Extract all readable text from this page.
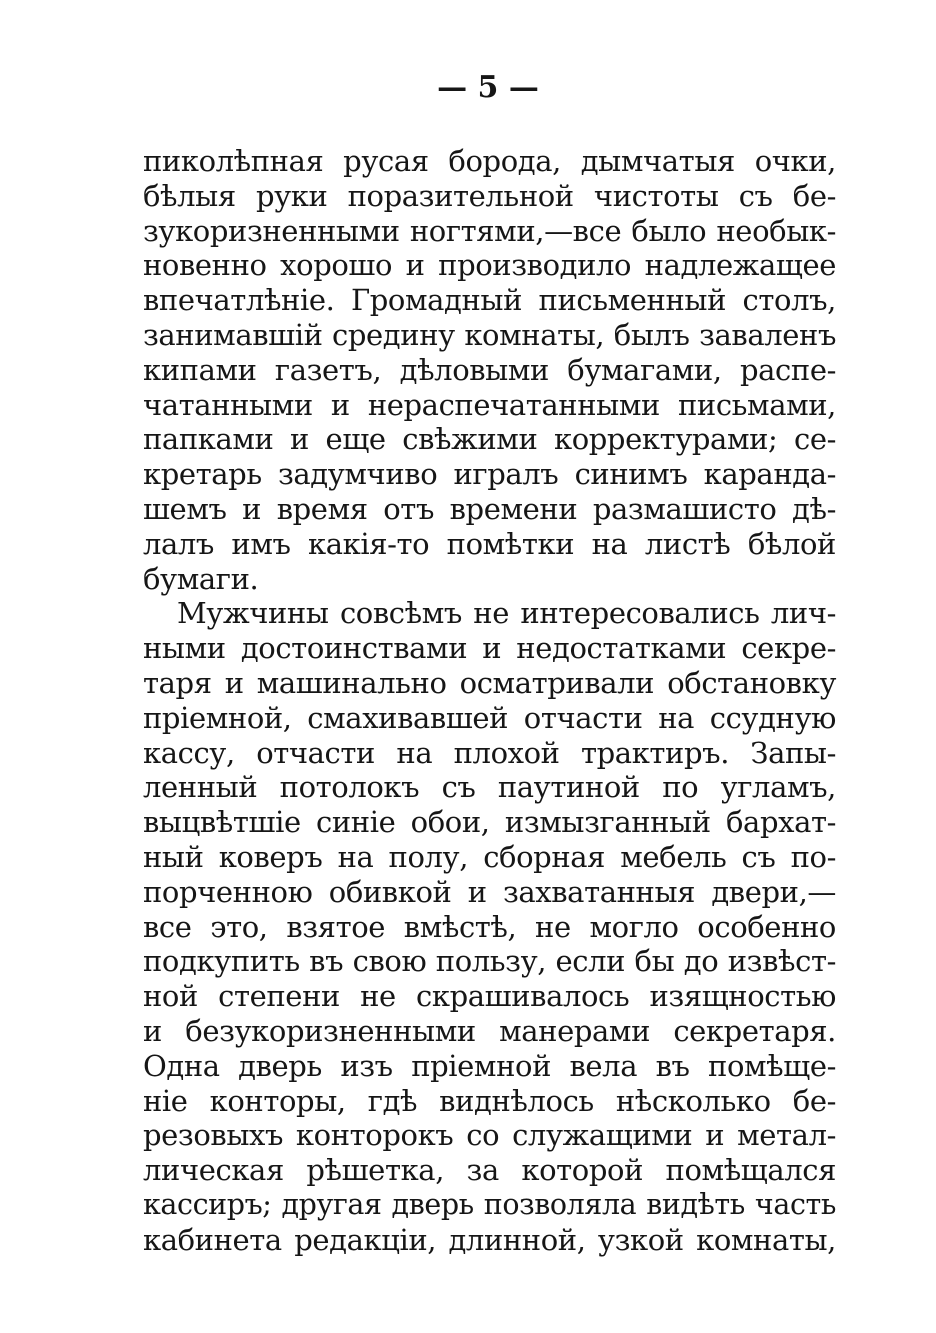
— 5 —
пиколѣпная русая борода, дымчатыя очки,
бѣлыя руки поразительной чистоты съ бе-
зукоризненными ногтями,—все было необык-
новенно хорошо и производило надлежащее
впечатлѣніе. Громадный письменный столъ,
занимавшій средину комнаты, былъ заваленъ
кипами газетъ, дѣловыми бумагами, распе-
чатанными и нераспечатанными письмами,
папками и еще свѣжими корректурами; се-
кретарь задумчиво игралъ синимъ каранда-
шемъ и время отъ времени размашисто дѣ-
лалъ имъ какія-то помѣтки на листѣ бѣлой
бумаги.
Мужчины совсѣмъ не интересовались лич-
ными достоинствами и недостатками секре-
таря и машинально осматривали обстановку
пріемной, смахивавшей отчасти на ссудную
кассу, отчасти на плохой трактиръ. Запы-
ленный потолокъ съ паутиной по угламъ,
выцвѣтшіе синіе обои, измызганный бархат-
ный коверъ на полу, сборная мебель съ по-
порченною обивкой и захватанныя двери,—
все это, взятое вмѣстѣ, не могло особенно
подкупить въ свою пользу, если бы до извѣст-
ной степени не скрашивалось изящностью
и безукоризненными манерами секретаря.
Одна дверь изъ пріемной вела въ помѣще-
ніе конторы, гдѣ виднѣлось нѣсколько бе-
резовыхъ конторокъ со служащими и метал-
лическая рѣшетка, за которой помѣщался
кассиръ; другая дверь позволяла видѣть часть
кабинета редакціи, длинной, узкой комнаты,
